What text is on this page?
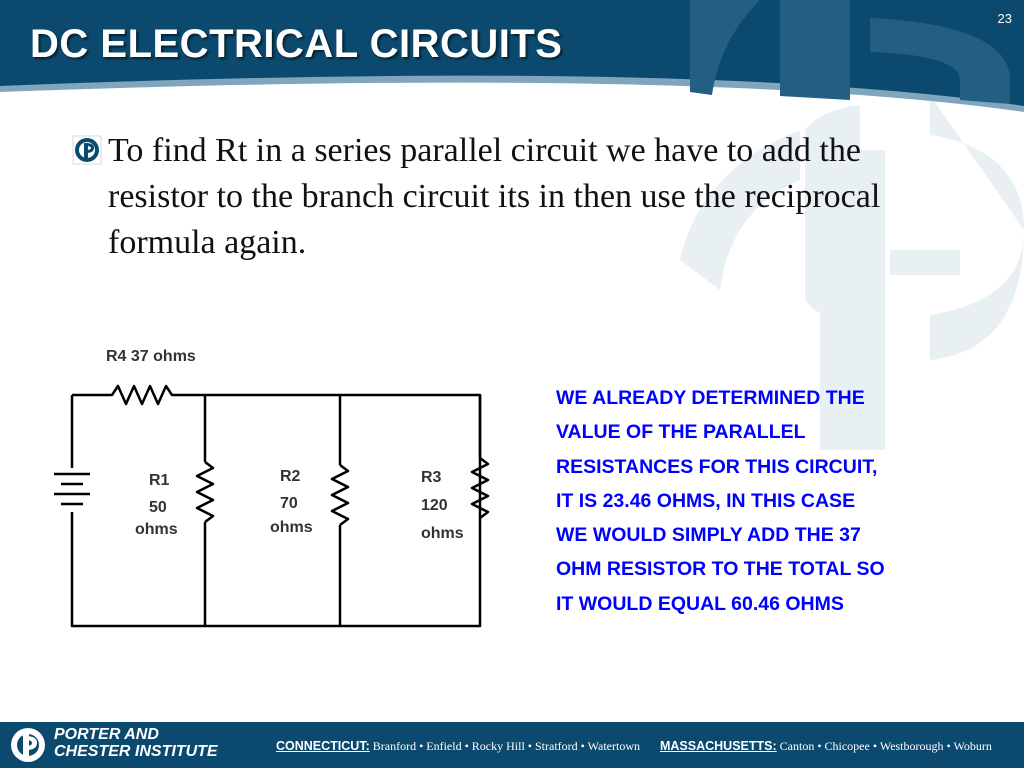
DC ELECTRICAL CIRCUITS
23

To find Rt in a series parallel circuit we have to add the resistor to the branch circuit its in then use the reciprocal formula again.

R4 37 ohms
R1
50
ohms
R2
70
ohms
R3
120
ohms

WE ALREADY DETERMINED THE
VALUE OF THE PARALLEL
RESISTANCES FOR THIS CIRCUIT,
IT IS 23.46 OHMS, IN THIS CASE
WE WOULD SIMPLY ADD THE 37
OHM RESISTOR TO THE TOTAL SO
IT WOULD EQUAL 60.46 OHMS

PORTER AND
CHESTER INSTITUTE	CONNECTICUT: Branford • Enfield • Rocky Hill • Stratford • Watertown MASSACHUSETTS: Canton • Chicopee • Westborough • Woburn
